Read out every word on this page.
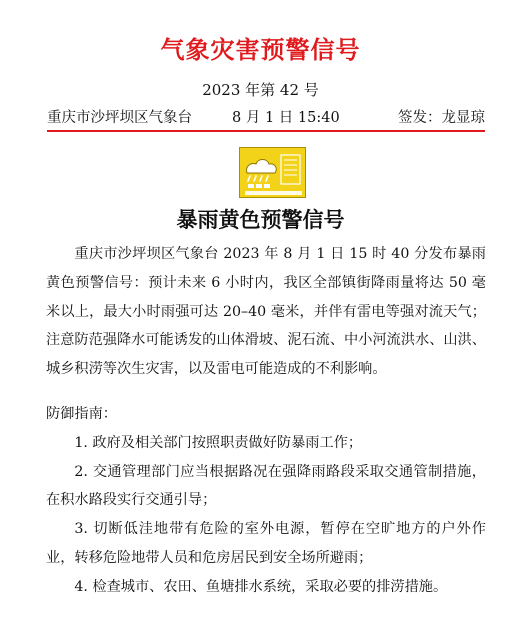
气象灾害预警信号
2023 年第 42 号
重庆市沙坪坝区气象台	8 月 1 日 15:40	签发：龙显琼
暴雨黄色预警信号

重庆市沙坪坝区气象台 2023 年 8 月 1 日 15 时 40 分发布暴雨黄色预警信号：预计未来 6 小时内，我区全部镇街降雨量将达 50 毫米以上，最大小时雨强可达 20–40 毫米，并伴有雷电等强对流天气；注意防范强降水可能诱发的山体滑坡、泥石流、中小河流洪水、山洪、城乡积涝等次生灾害，以及雷电可能造成的不利影响。

防御指南：

1. 政府及相关部门按照职责做好防暴雨工作；

2. 交通管理部门应当根据路况在强降雨路段采取交通管制措施，在积水路段实行交通引导；

3. 切断低洼地带有危险的室外电源，暂停在空旷地方的户外作业，转移危险地带人员和危房居民到安全场所避雨；

4. 检查城市、农田、鱼塘排水系统，采取必要的排涝措施。
